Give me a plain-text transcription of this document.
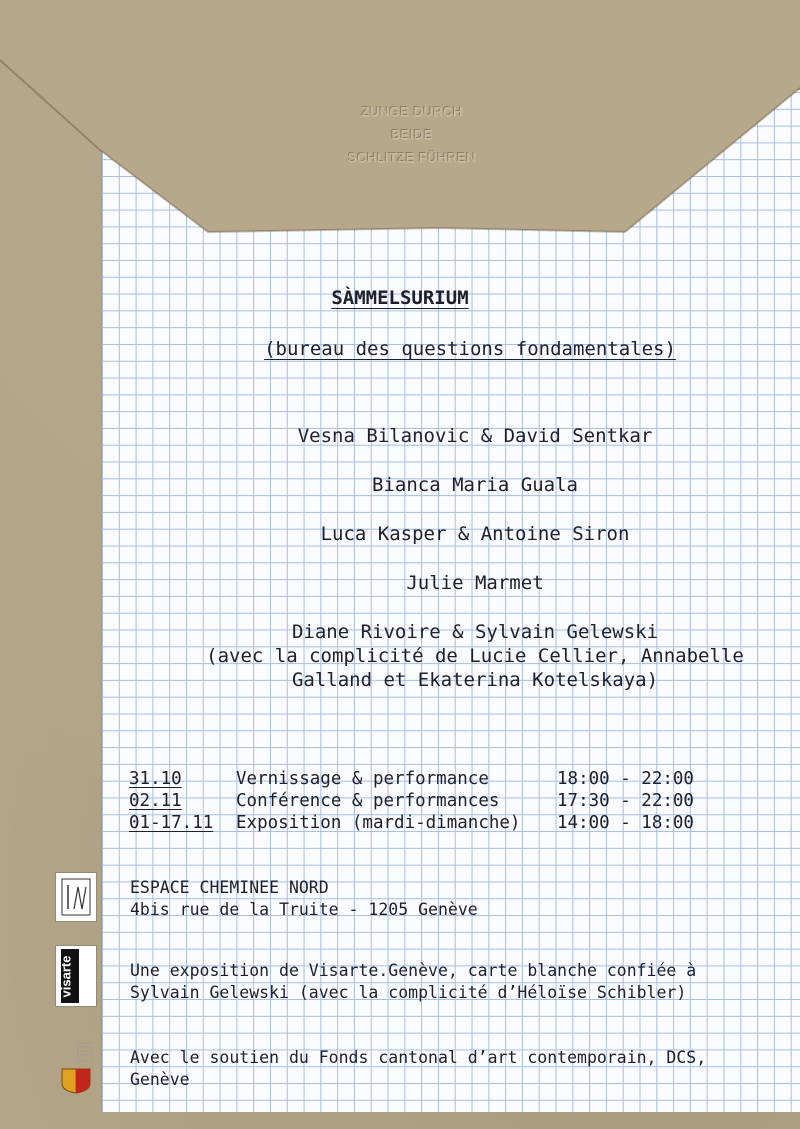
ZUNGE DURCH
BEIDE
SCHLITZE FÜHREN
SÀMMELSURIUM
(bureau des questions fondamentales)
Vesna Bilanovic & David Sentkar
Bianca Maria Guala
Luca Kasper & Antoine Siron
Julie Marmet
Diane Rivoire & Sylvain Gelewski
(avec la complicité de Lucie Cellier, Annabelle
Galland et Ekaterina Kotelskaya)
31.10	Vernissage & performance	18:00 - 22:00
02.11	Conférence & performances	17:30 - 22:00
01-17.11	Exposition (mardi-dimanche)	14:00 - 18:00
ESPACE CHEMINEE NORD
4bis rue de la Truite - 1205 Genève
Une exposition de Visarte.Genève, carte blanche confiée à
Sylvain Gelewski (avec la complicité d’Héloïse Schibler)
Avec le soutien du Fonds cantonal d’art contemporain, DCS,
Genève
visarte
